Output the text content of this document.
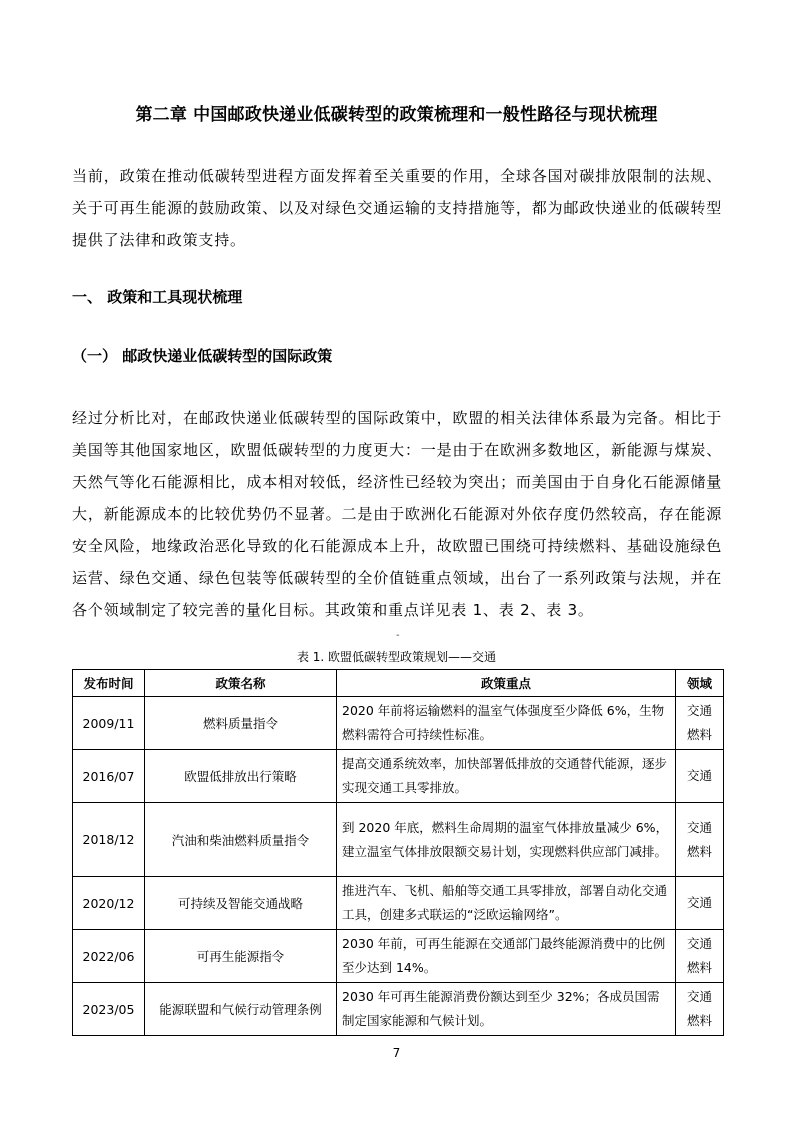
第二章 中国邮政快递业低碳转型的政策梳理和一般性路径与现状梳理

当前，政策在推动低碳转型进程方面发挥着至关重要的作用，全球各国对碳排放限制的法规、关于可再生能源的鼓励政策、以及对绿色交通运输的支持措施等，都为邮政快递业的低碳转型提供了法律和政策支持。

一、 政策和工具现状梳理
（一） 邮政快递业低碳转型的国际政策

经过分析比对，在邮政快递业低碳转型的国际政策中，欧盟的相关法律体系最为完备。相比于美国等其他国家地区，欧盟低碳转型的力度更大：一是由于在欧洲多数地区，新能源与煤炭、天然气等化石能源相比，成本相对较低，经济性已经较为突出；而美国由于自身化石能源储量大，新能源成本的比较优势仍不显著。二是由于欧洲化石能源对外依存度仍然较高，存在能源安全风险，地缘政治恶化导致的化石能源成本上升，故欧盟已围绕可持续燃料、基础设施绿色运营、绿色交通、绿色包装等低碳转型的全价值链重点领域，出台了一系列政策与法规，并在各个领域制定了较完善的量化目标。其政策和重点详见表 1、表 2、表 3。

-
表 1. 欧盟低碳转型政策规划——交通
发布时间	政策名称	政策重点	领域
2009/11	燃料质量指令	2020 年前将运输燃料的温室气体强度至少降低 6%，生物燃料需符合可持续性标准。	交通燃料
2016/07	欧盟低排放出行策略	提高交通系统效率，加快部署低排放的交通替代能源，逐步实现交通工具零排放。	交通
2018/12	汽油和柴油燃料质量指令	到 2020 年底，燃料生命周期的温室气体排放量减少 6%，建立温室气体排放限额交易计划，实现燃料供应部门减排。	交通燃料
2020/12	可持续及智能交通战略	推进汽车、飞机、船舶等交通工具零排放，部署自动化交通工具，创建多式联运的“泛欧运输网络”。	交通
2022/06	可再生能源指令	2030 年前，可再生能源在交通部门最终能源消费中的比例至少达到 14%。	交通燃料
2023/05	能源联盟和气候行动管理条例	2030 年可再生能源消费份额达到至少 32%；各成员国需制定国家能源和气候计划。	交通燃料
7
